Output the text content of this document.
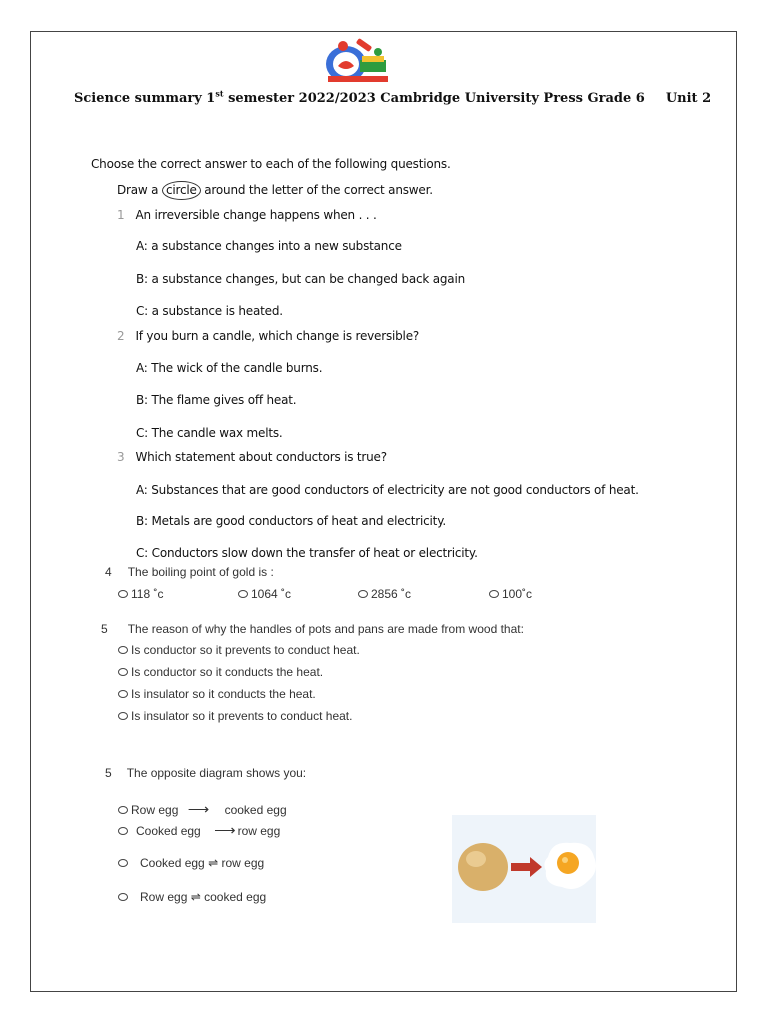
Science summary 1st semester 2022/2023 Cambridge University Press Grade 6 Unit 2
Choose the correct answer to each of the following questions.
Draw a circle around the letter of the correct answer.
1 An irreversible change happens when . . .
A: a substance changes into a new substance
B: a substance changes, but can be changed back again
C: a substance is heated.
2 If you burn a candle, which change is reversible?
A: The wick of the candle burns.
B: The flame gives off heat.
C: The candle wax melts.
3 Which statement about conductors is true?
A: Substances that are good conductors of electricity are not good conductors of heat.
B: Metals are good conductors of heat and electricity.
C: Conductors slow down the transfer of heat or electricity.
4 The boiling point of gold is :
118 ˚c	1064 ˚c	2856 ˚c	100˚c
5 The reason of why the handles of pots and pans are made from wood that:
Is conductor so it prevents to conduct heat.
Is conductor so it conducts the heat.
Is insulator so it conducts the heat.
Is insulator so it prevents to conduct heat.
5 The opposite diagram shows you:
Row egg ⟶ cooked egg
Cooked egg ⟶ row egg
Cooked egg ⇌ row egg
Row egg ⇌ cooked egg
